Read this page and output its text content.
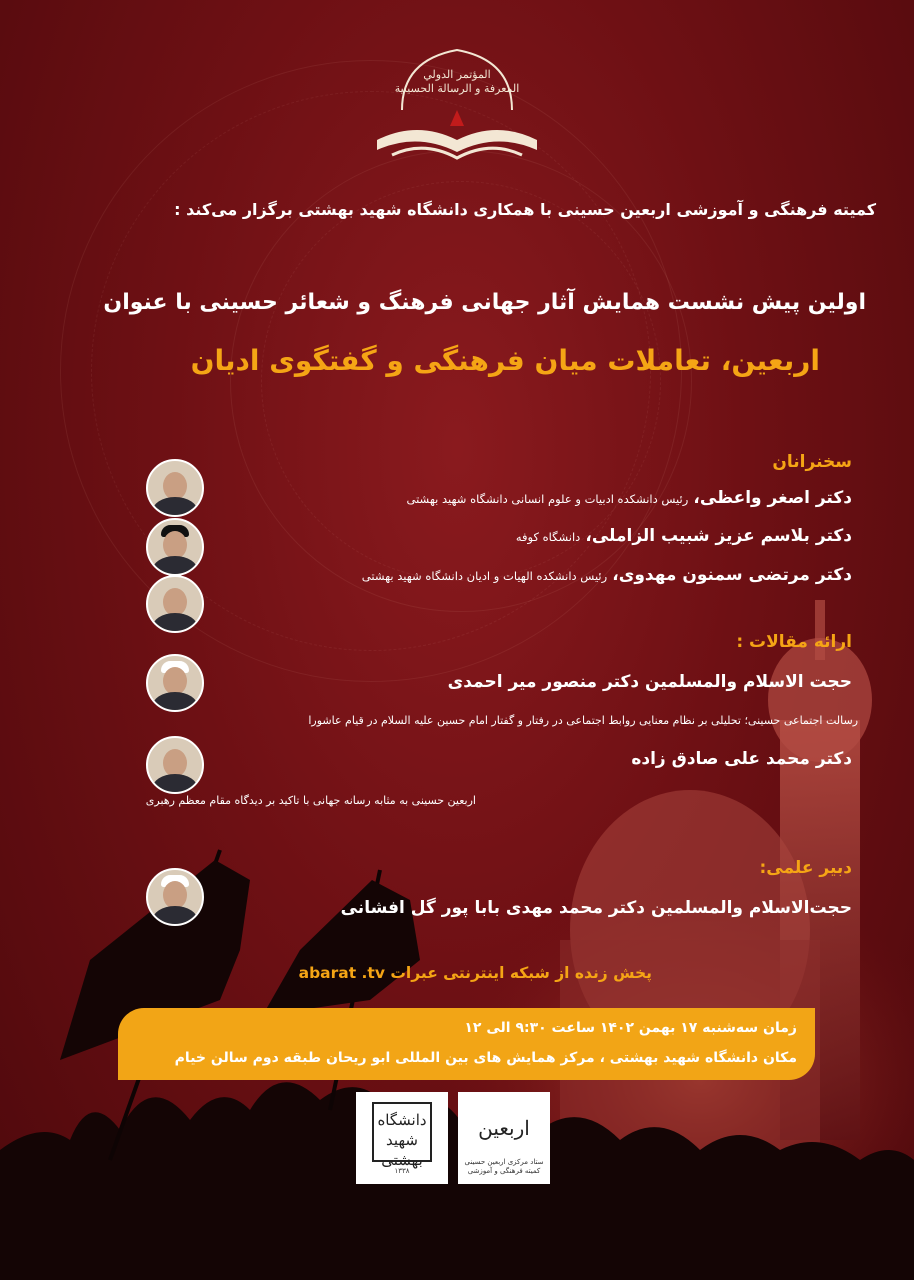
المؤتمر الدولي
المعرفة و الرسالة الحسينية
کمیته فرهنگی و آموزشی اربعین حسینی با همکاری دانشگاه شهید بهشتی برگزار می‌کند :
اولین پیش نشست همایش آثار جهانی فرهنگ و شعائر حسینی با عنوان
اربعین، تعاملات میان فرهنگی و گفتگوی ادیان
سخنرانان
دکتر اصغر واعظی، رئیس دانشکده ادبیات و علوم انسانی دانشگاه شهید بهشتی
دکتر بلاسم عزیز شبیب الزاملی، دانشگاه کوفه
دکتر مرتضی سمنون مهدوی، رئیس دانشکده الهیات و ادیان دانشگاه شهید بهشتی
ارائه مقالات :
حجت الاسلام والمسلمین دکتر منصور میر احمدی
رسالت اجتماعی حسینی؛ تحلیلی بر نظام معنایی روابط اجتماعی در رفتار و گفتار امام حسین علیه السلام در قیام عاشورا
دکتر محمد علی صادق زاده
اربعین حسینی به مثابه رسانه جهانی با تاکید بر دیدگاه مقام معظم رهبری
دبیر علمی:
حجت‌الاسلام والمسلمین دکتر محمد مهدی بابا پور گل افشانی
پخش زنده از شبکه اینترنتی عبرات abarat .tv
زمان سه‌شنبه ۱۷ بهمن ۱۴۰۲ ساعت ۹:۳۰ الی ۱۲
مکان دانشگاه شهید بهشتی ، مرکز همایش های بین المللی ابو ریحان طبقه دوم سالن خیام
دانشگاه شهید بهشتی
۱۳۳۸
اربعین
ستاد مرکزی اربعین حسینی کمیته فرهنگی و آموزشی
